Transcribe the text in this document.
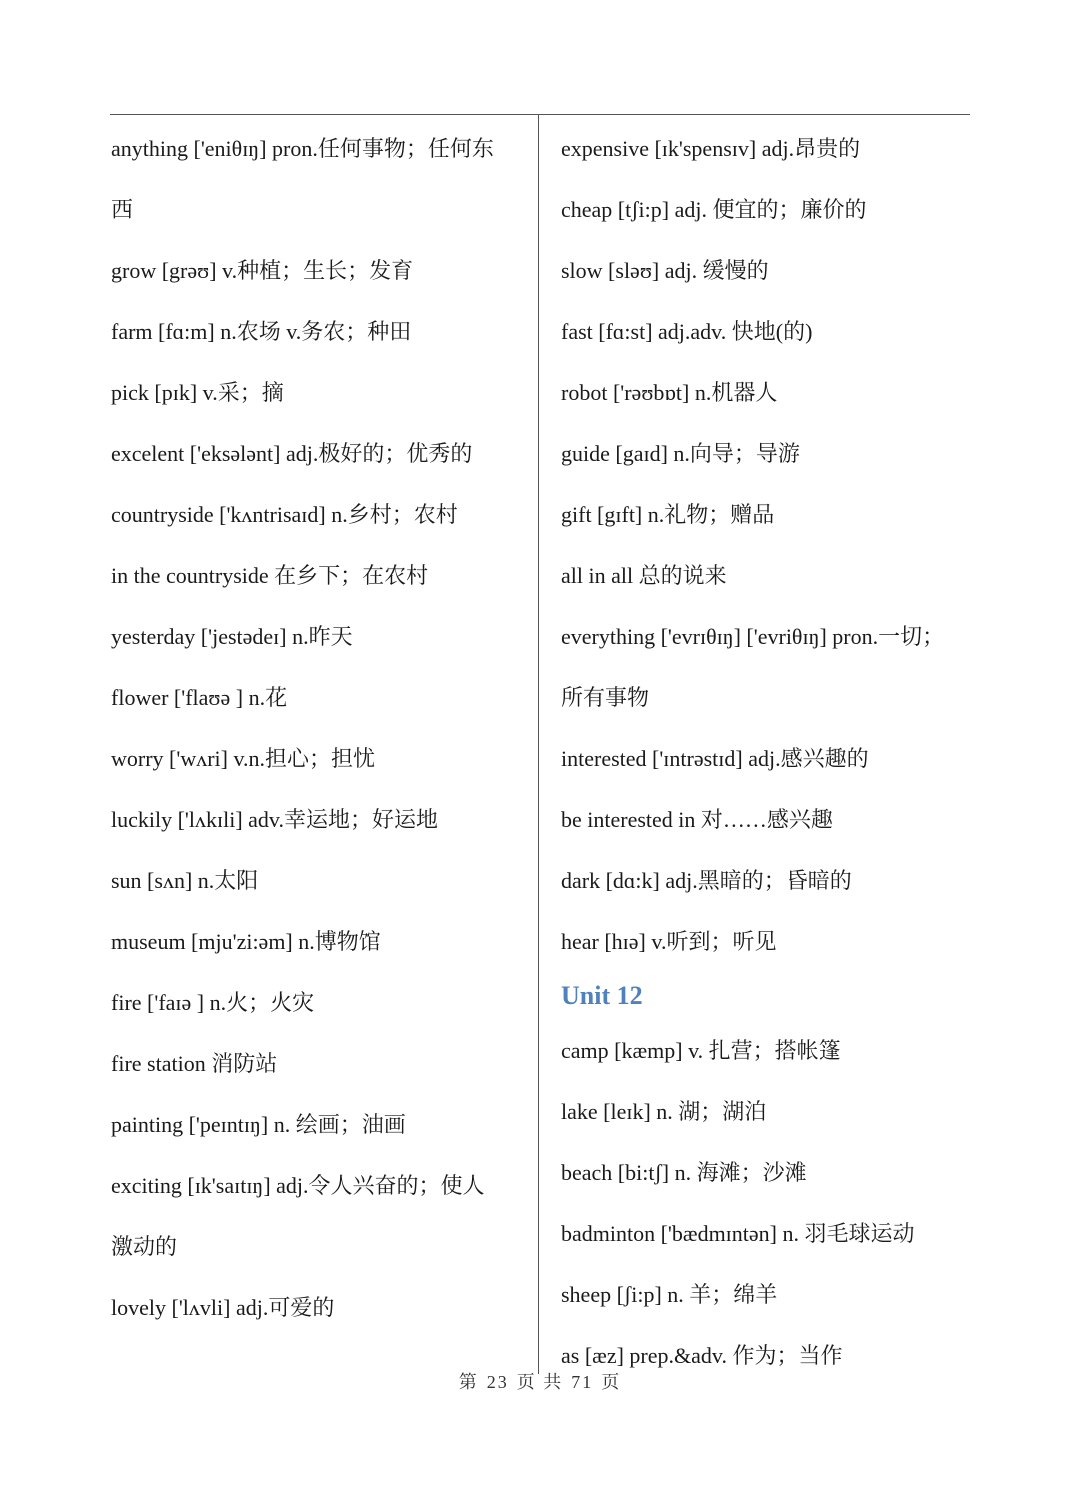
anything ['eniθɪŋ] pron.任何事物；任何东
西
grow [grəʊ] v.种植；生长；发育
farm [fɑ:m] n.农场 v.务农；种田
pick [pɪk] v.采；摘
excelent ['eksələnt] adj.极好的；优秀的
countryside ['kʌntrisaɪd] n.乡村；农村
in the countryside 在乡下；在农村
yesterday ['jestədeɪ] n.昨天
flower ['flaʊə ] n.花
worry ['wʌri] v.n.担心；担忧
luckily ['lʌkɪli] adv.幸运地；好运地
sun [sʌn] n.太阳
museum [mju'zi:əm] n.博物馆
fire ['faɪə ] n.火；火灾
fire station 消防站
painting ['peɪntɪŋ] n. 绘画；油画
exciting [ɪk'saɪtɪŋ] adj.令人兴奋的；使人
激动的
lovely ['lʌvli] adj.可爱的
expensive [ɪk'spensɪv] adj.昂贵的
cheap [tʃi:p] adj. 便宜的；廉价的
slow [sləʊ] adj. 缓慢的
fast [fɑ:st] adj.adv. 快地(的)
robot ['rəʊbɒt] n.机器人
guide [gaɪd] n.向导；导游
gift [gɪft] n.礼物；赠品
all in all 总的说来
everything ['evrɪθɪŋ] ['evriθɪŋ] pron.一切；
所有事物
interested ['ɪntrəstɪd] adj.感兴趣的
be interested in 对……感兴趣
dark [dɑ:k] adj.黑暗的；昏暗的
hear [hɪə] v.听到；听见
Unit 12
camp [kæmp] v. 扎营；搭帐篷
lake [leɪk] n. 湖；湖泊
beach [bi:tʃ] n. 海滩；沙滩
badminton ['bædmɪntən] n. 羽毛球运动
sheep [ʃi:p] n. 羊；绵羊
as [æz] prep.&adv. 作为；当作
第 23 页 共 71 页
